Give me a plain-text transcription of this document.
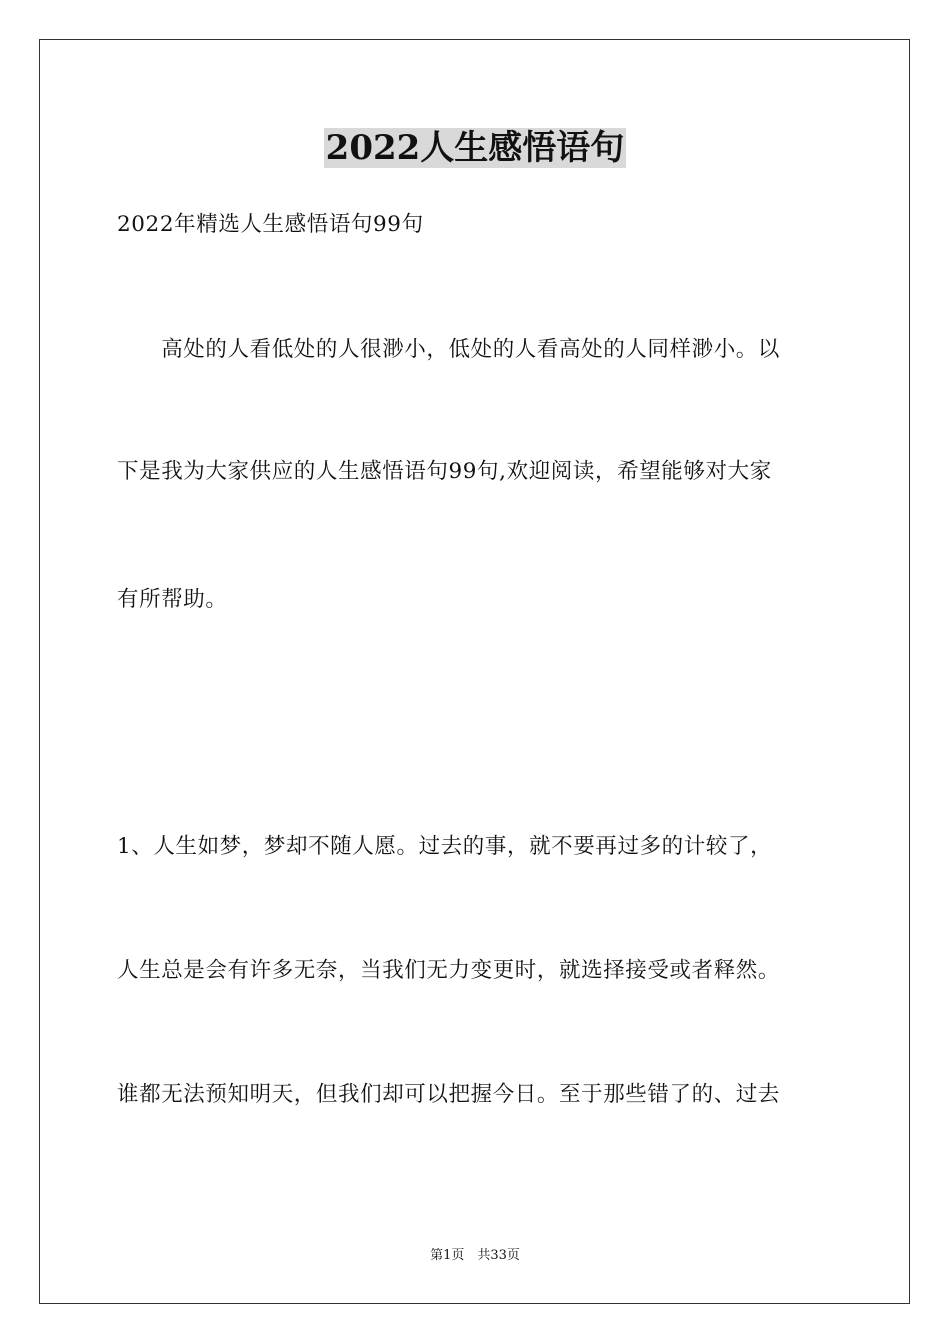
2022人生感悟语句
2022年精选人生感悟语句99句
　　高处的人看低处的人很渺小，低处的人看高处的人同样渺小。以
下是我为大家供应的人生感悟语句99句,欢迎阅读，希望能够对大家
有所帮助。
1、人生如梦，梦却不随人愿。过去的事，就不要再过多的计较了，
人生总是会有许多无奈，当我们无力变更时，就选择接受或者释然。
谁都无法预知明天，但我们却可以把握今日。至于那些错了的、过去
第1页　共33页
